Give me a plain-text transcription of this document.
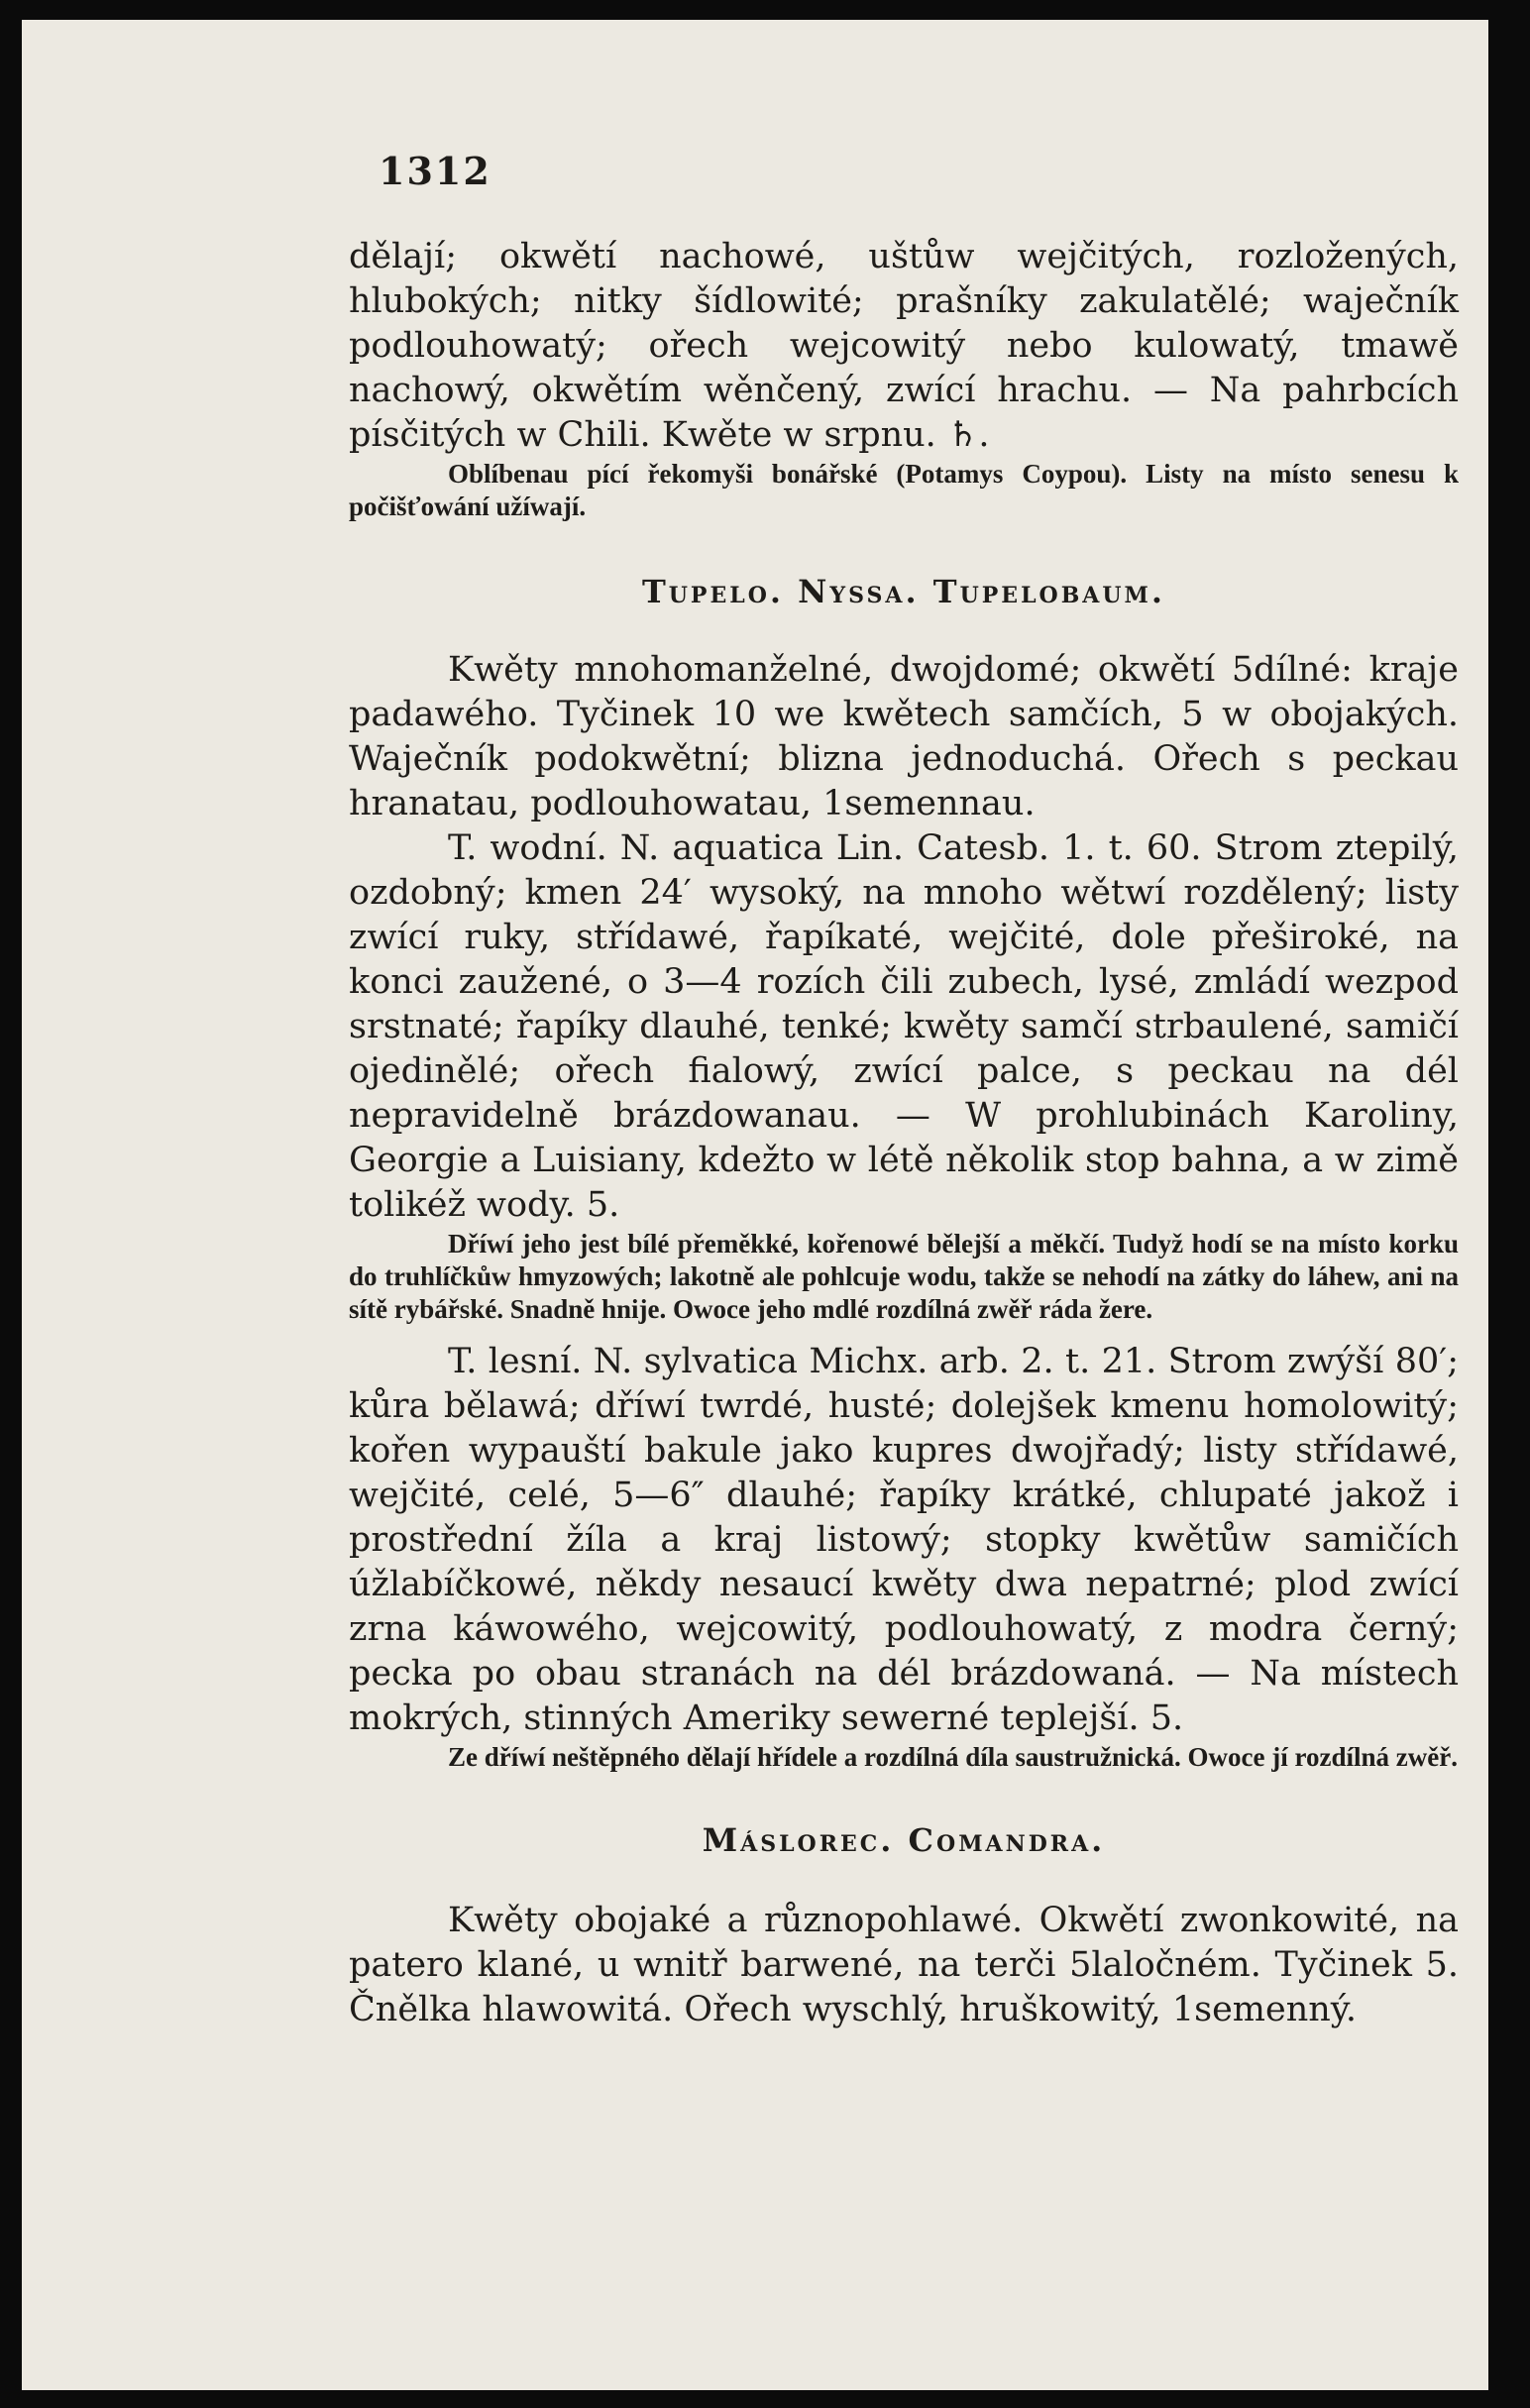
1312

dělají; okwětí nachowé, uštůw wejčitých, rozložených, hlubokých; nitky šídlowité; prašníky zakulatělé; waječník podlouhowatý; ořech wejcowitý nebo kulowatý, tmawě nachowý, okwětím wěnčený, zwící hrachu. — Na pahrbcích písčitých w Chili. Kwěte w srpnu. ♄.

Oblíbenau pící řekomyši bonářské (Potamys Coypou). Listy na místo senesu k počišťowání užíwají.

Tupelo. Nyssa. Tupelobaum.

Kwěty mnohomanželné, dwojdomé; okwětí 5dílné: kraje padawého. Tyčinek 10 we kwětech samčích, 5 w obojakých. Waječník podokwětní; blizna jednoduchá. Ořech s peckau hranatau, podlouhowatau, 1semennau.

T. wodní. N. aquatica Lin. Catesb. 1. t. 60. Strom ztepilý, ozdobný; kmen 24′ wysoký, na mnoho wětwí rozdělený; listy zwící ruky, střídawé, řapíkaté, wejčité, dole přeširoké, na konci zaužené, o 3—4 rozích čili zubech, lysé, zmládí wezpod srstnaté; řapíky dlauhé, tenké; kwěty samčí strbaulené, samičí ojedinělé; ořech fialowý, zwící palce, s peckau na dél nepravidelně brázdowanau. — W prohlubinách Karoliny, Georgie a Luisiany, kdežto w létě několik stop bahna, a w zimě tolikéž wody. 5.

Dříwí jeho jest bílé přeměkké, kořenowé bělejší a měkčí. Tudyž hodí se na místo korku do truhlíčkůw hmyzowých; lakotně ale pohlcuje wodu, takže se nehodí na zátky do láhew, ani na sítě rybářské. Snadně hnije. Owoce jeho mdlé rozdílná zwěř ráda žere.

T. lesní. N. sylvatica Michx. arb. 2. t. 21. Strom zwýší 80′; kůra bělawá; dříwí twrdé, husté; dolejšek kmenu homolowitý; kořen wypauští bakule jako kupres dwojřadý; listy střídawé, wejčité, celé, 5—6″ dlauhé; řapíky krátké, chlupaté jakož i prostřední žíla a kraj listowý; stopky kwětůw samičích úžlabíčkowé, někdy nesaucí kwěty dwa nepatrné; plod zwící zrna káwowého, wejcowitý, podlouhowatý, z modra černý; pecka po obau stranách na dél brázdowaná. — Na místech mokrých, stinných Ameriky sewerné teplejší. 5.

Ze dříwí neštěpného dělají hřídele a rozdílná díla saustružnická. Owoce jí rozdílná zwěř.

Máslorec. Comandra.

Kwěty obojaké a různopohlawé. Okwětí zwonkowité, na patero klané, u wnitř barwené, na terči 5laločném. Tyčinek 5. Čnělka hlawowitá. Ořech wyschlý, hruškowitý, 1semenný.
